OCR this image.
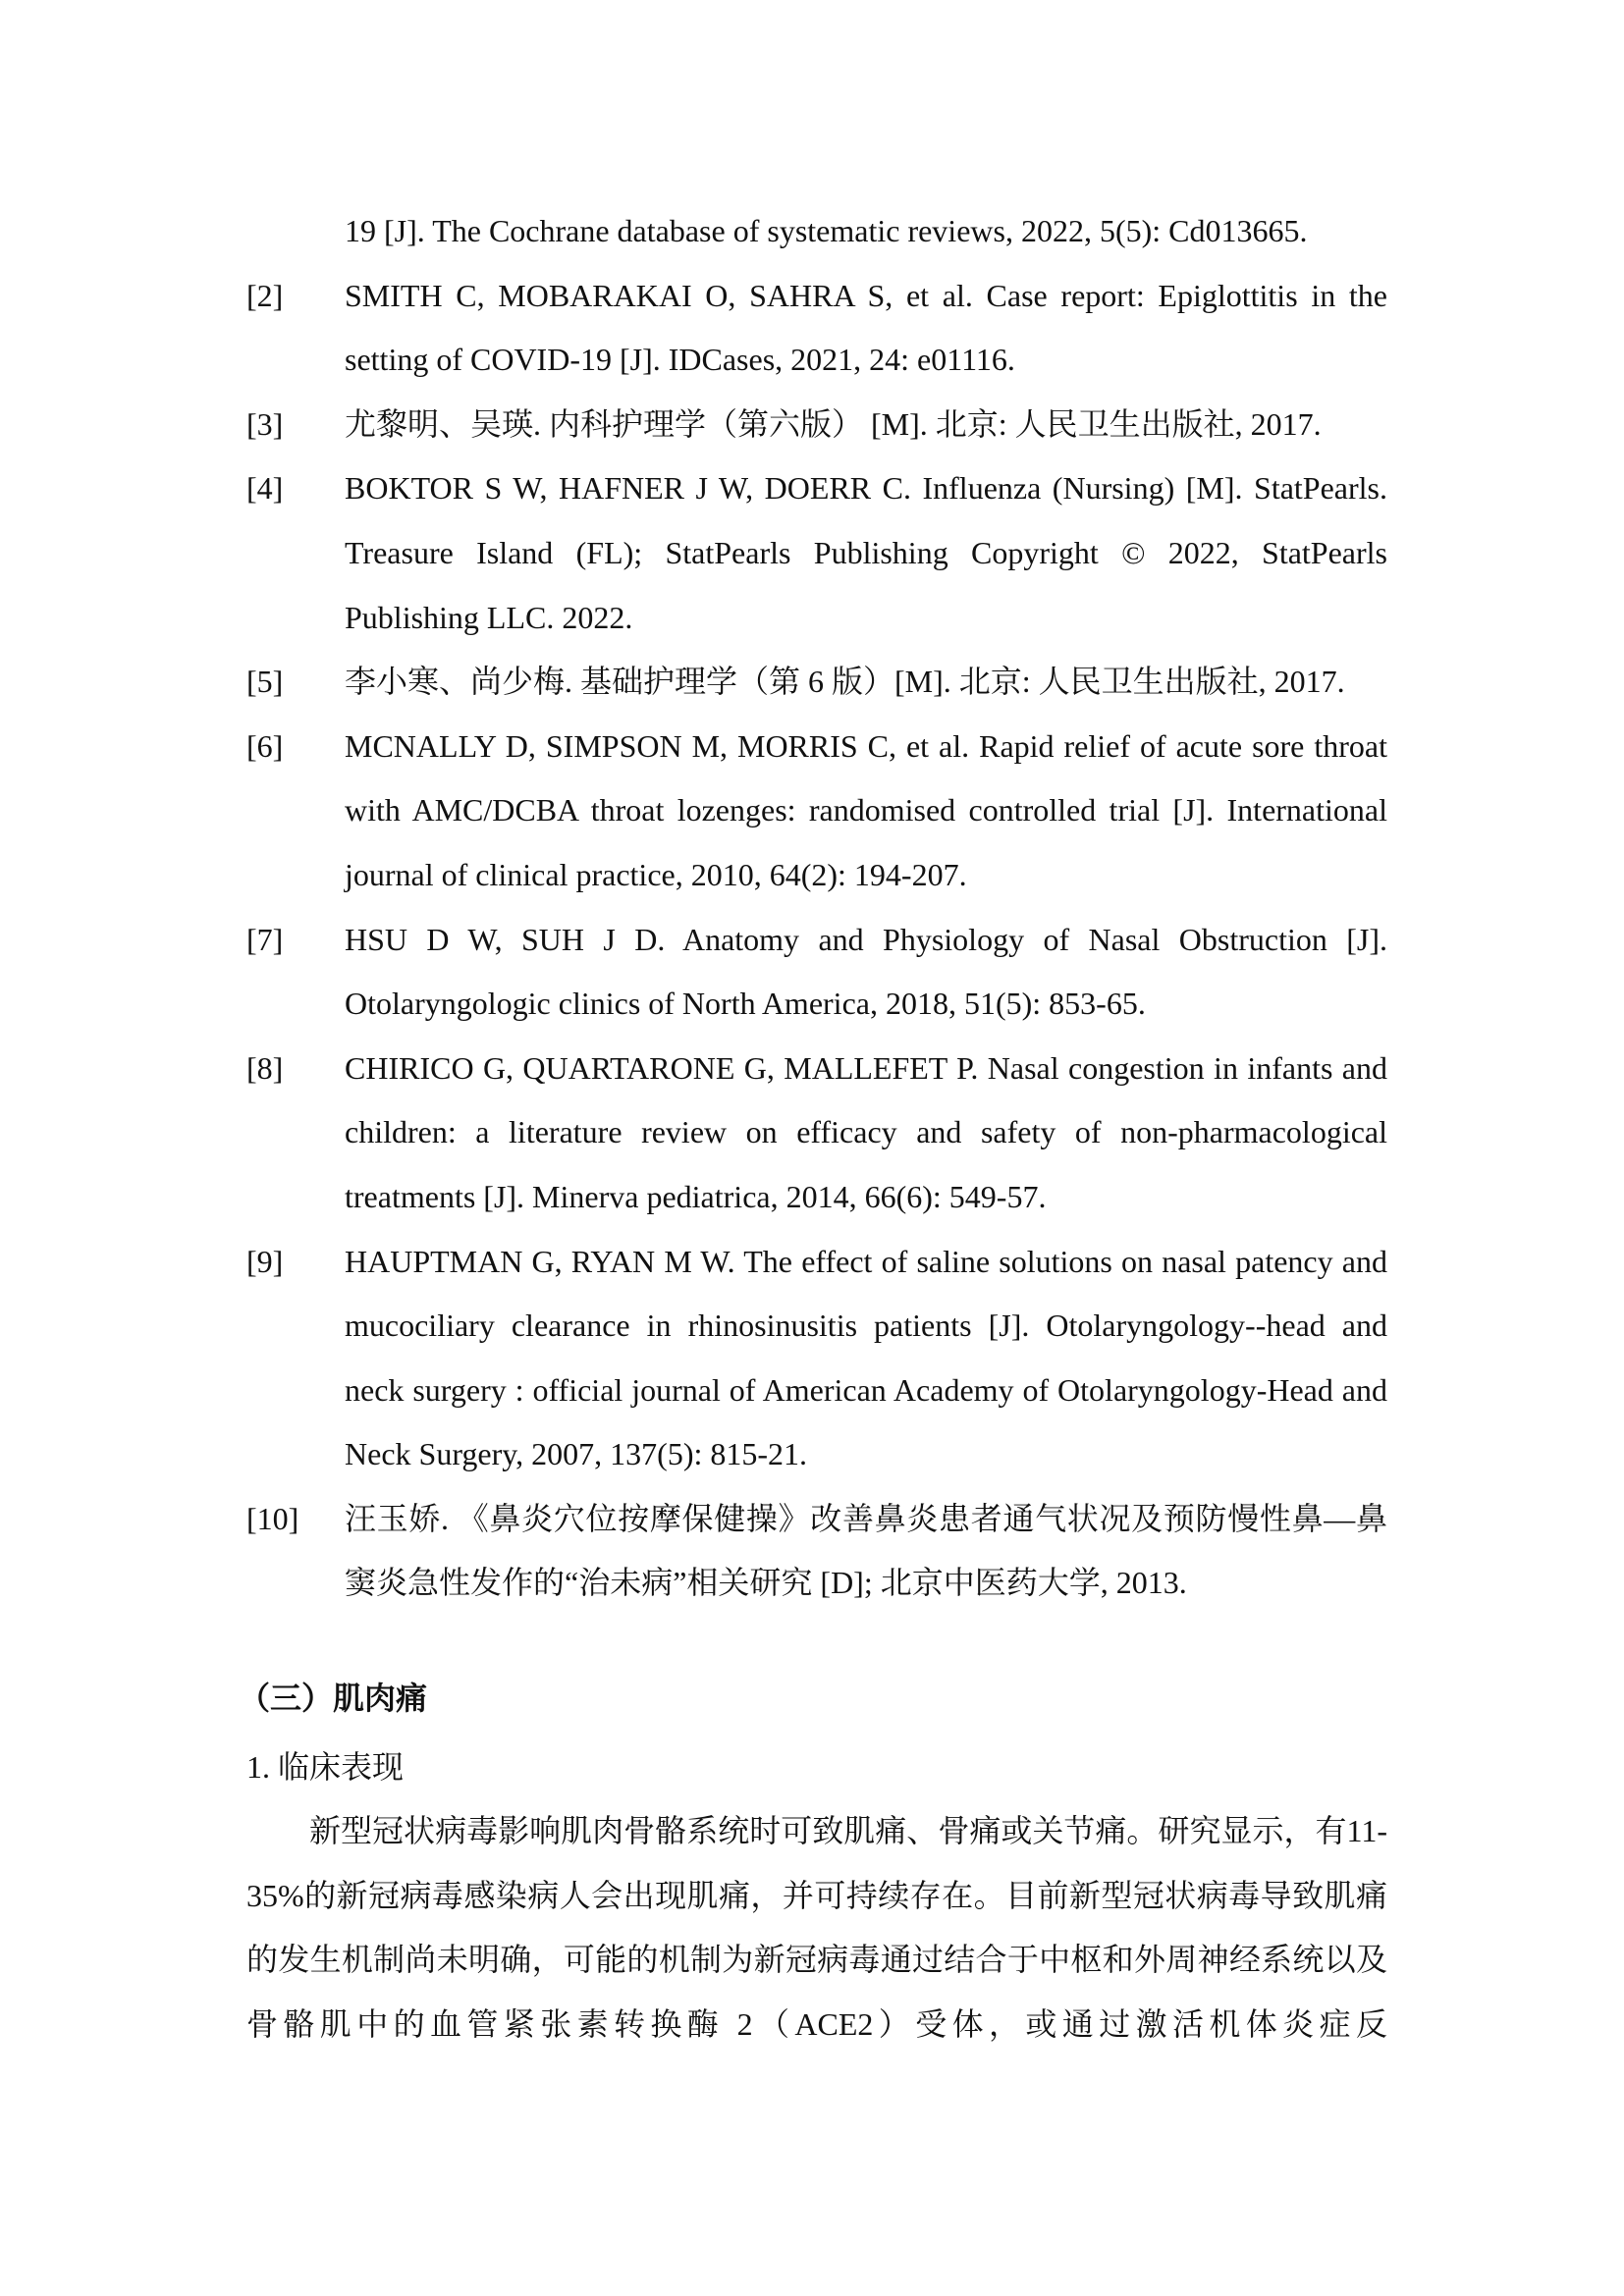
19 [J]. The Cochrane database of systematic reviews, 2022, 5(5): Cd013665.
[2] SMITH C, MOBARAKAI O, SAHRA S, et al. Case report: Epiglottitis in the setting of COVID-19 [J]. IDCases, 2021, 24: e01116.
[3] 尤黎明、吴瑛. 内科护理学（第六版） [M]. 北京: 人民卫生出版社, 2017.
[4] BOKTOR S W, HAFNER J W, DOERR C. Influenza (Nursing) [M]. StatPearls. Treasure Island (FL); StatPearls Publishing Copyright © 2022, StatPearls Publishing LLC. 2022.
[5] 李小寒、尚少梅. 基础护理学（第 6 版）[M]. 北京: 人民卫生出版社, 2017.
[6] MCNALLY D, SIMPSON M, MORRIS C, et al. Rapid relief of acute sore throat with AMC/DCBA throat lozenges: randomised controlled trial [J]. International journal of clinical practice, 2010, 64(2): 194-207.
[7] HSU D W, SUH J D. Anatomy and Physiology of Nasal Obstruction [J]. Otolaryngologic clinics of North America, 2018, 51(5): 853-65.
[8] CHIRICO G, QUARTARONE G, MALLEFET P. Nasal congestion in infants and children: a literature review on efficacy and safety of non-pharmacological treatments [J]. Minerva pediatrica, 2014, 66(6): 549-57.
[9] HAUPTMAN G, RYAN M W. The effect of saline solutions on nasal patency and mucociliary clearance in rhinosinusitis patients [J]. Otolaryngology--head and neck surgery : official journal of American Academy of Otolaryngology-Head and Neck Surgery, 2007, 137(5): 815-21.
[10] 汪玉娇. 《鼻炎穴位按摩保健操》改善鼻炎患者通气状况及预防慢性鼻—鼻窦炎急性发作的“治未病”相关研究 [D]; 北京中医药大学, 2013.
（三）肌肉痛
1. 临床表现
新型冠状病毒影响肌肉骨骼系统时可致肌痛、骨痛或关节痛。研究显示，有11-35%的新冠病毒感染病人会出现肌痛，并可持续存在。目前新型冠状病毒导致肌痛的发生机制尚未明确，可能的机制为新冠病毒通过结合于中枢和外周神经系统以及骨骼肌中的血管紧张素转换酶 2（ACE2）受体，或通过激活机体炎症反
